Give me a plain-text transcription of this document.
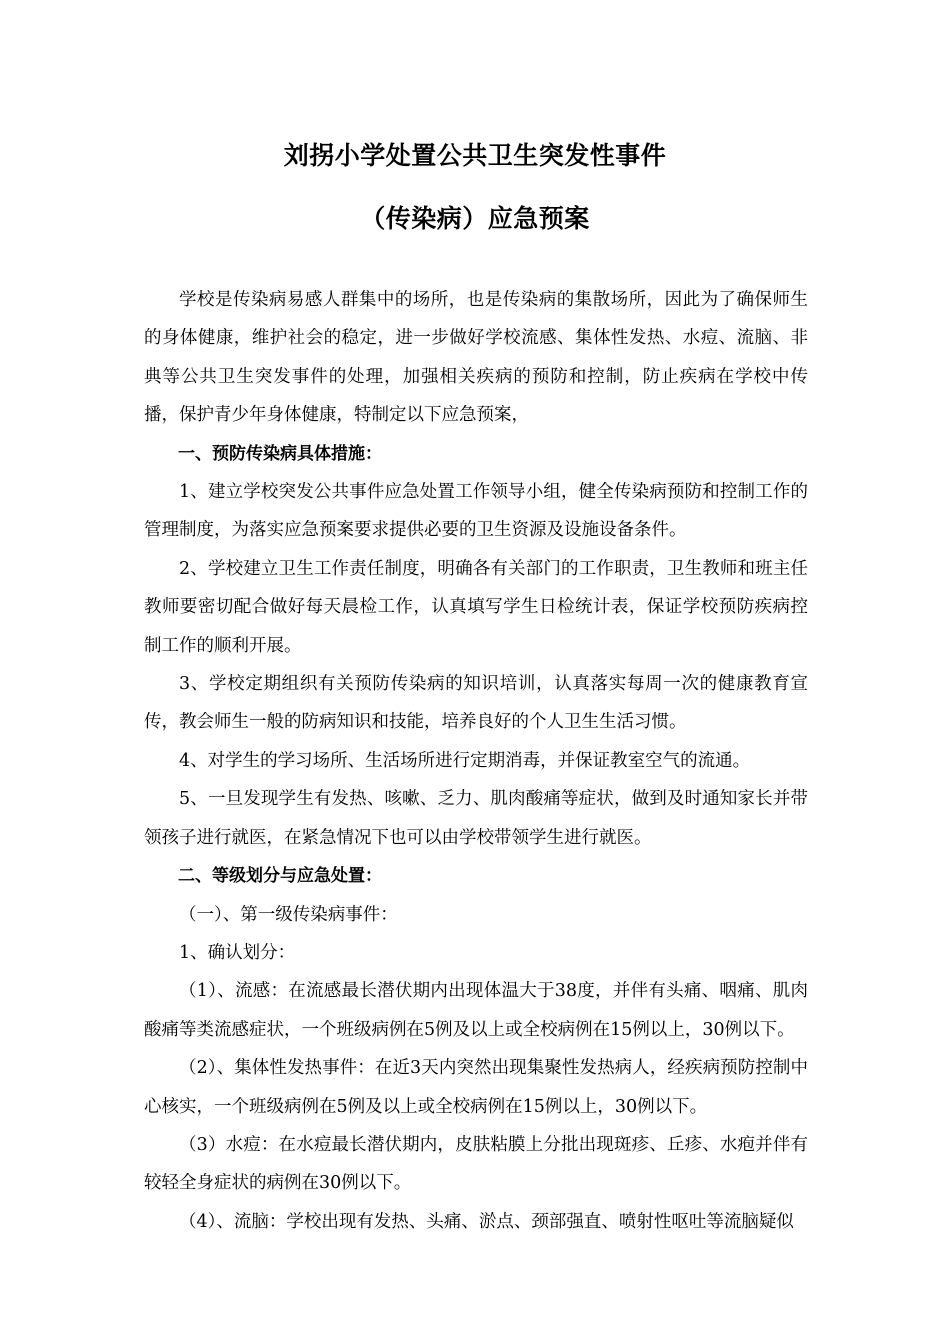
刘拐小学处置公共卫生突发性事件
（传染病）应急预案

学校是传染病易感人群集中的场所，也是传染病的集散场所，因此为了确保师生的身体健康，维护社会的稳定，进一步做好学校流感、集体性发热、水痘、流脑、非典等公共卫生突发事件的处理，加强相关疾病的预防和控制，防止疾病在学校中传播，保护青少年身体健康，特制定以下应急预案，

一、预防传染病具体措施：

1、建立学校突发公共事件应急处置工作领导小组，健全传染病预防和控制工作的管理制度，为落实应急预案要求提供必要的卫生资源及设施设备条件。

2、学校建立卫生工作责任制度，明确各有关部门的工作职责，卫生教师和班主任教师要密切配合做好每天晨检工作，认真填写学生日检统计表，保证学校预防疾病控制工作的顺利开展。

3、学校定期组织有关预防传染病的知识培训，认真落实每周一次的健康教育宣传，教会师生一般的防病知识和技能，培养良好的个人卫生生活习惯。

4、对学生的学习场所、生活场所进行定期消毒，并保证教室空气的流通。

5、一旦发现学生有发热、咳嗽、乏力、肌肉酸痛等症状，做到及时通知家长并带领孩子进行就医，在紧急情况下也可以由学校带领学生进行就医。

二、等级划分与应急处置：

（一）、第一级传染病事件：

1、确认划分：

（1）、流感：在流感最长潜伏期内出现体温大于38度，并伴有头痛、咽痛、肌肉酸痛等类流感症状，一个班级病例在5例及以上或全校病例在15例以上，30例以下。

（2）、集体性发热事件：在近3天内突然出现集聚性发热病人，经疾病预防控制中心核实，一个班级病例在5例及以上或全校病例在15例以上，30例以下。

（3）水痘：在水痘最长潜伏期内，皮肤粘膜上分批出现斑疹、丘疹、水疱并伴有较轻全身症状的病例在30例以下。

（4）、流脑：学校出现有发热、头痛、淤点、颈部强直、喷射性呕吐等流脑疑似
